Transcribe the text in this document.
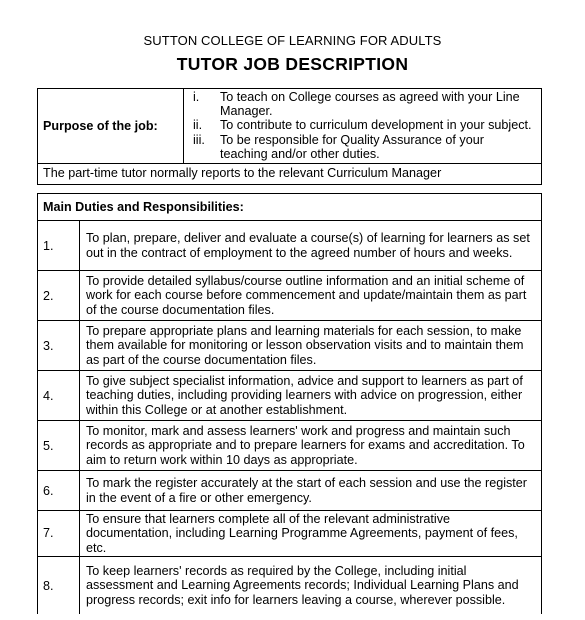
SUTTON COLLEGE OF LEARNING FOR ADULTS
TUTOR JOB DESCRIPTION
Purpose of the job:	
i.	To teach on College courses as agreed with your Line Manager.
ii.	To contribute to curriculum development in your subject.
iii.	To be responsible for Quality Assurance of your teaching and/or other duties.

The part-time tutor normally reports to the relevant Curriculum Manager
Main Duties and Responsibilities:	
1.	To plan, prepare, deliver and evaluate a course(s) of learning for learners as set out in the contract of employment to the agreed number of hours and weeks.
2.	To provide detailed syllabus/course outline information and an initial scheme of work for each course before commencement and update/maintain them as part of the course documentation files.
3.	To prepare appropriate plans and learning materials for each session, to make them available for monitoring or lesson observation visits and to maintain them as part of the course documentation files.
4.	To give subject specialist information, advice and support to learners as part of teaching duties, including providing learners with advice on progression, either within this College or at another establishment.
5.	To monitor, mark and assess learners' work and progress and maintain such records as appropriate and to prepare learners for exams and accreditation. To aim to return work within 10 days as appropriate.
6.	To mark the register accurately at the start of each session and use the register in the event of a fire or other emergency.
7.	To ensure that learners complete all of the relevant administrative documentation, including Learning Programme Agreements, payment of fees, etc.
8.	To keep learners' records as required by the College, including initial assessment and Learning Agreements records; Individual Learning Plans and progress records; exit info for learners leaving a course, wherever possible.
